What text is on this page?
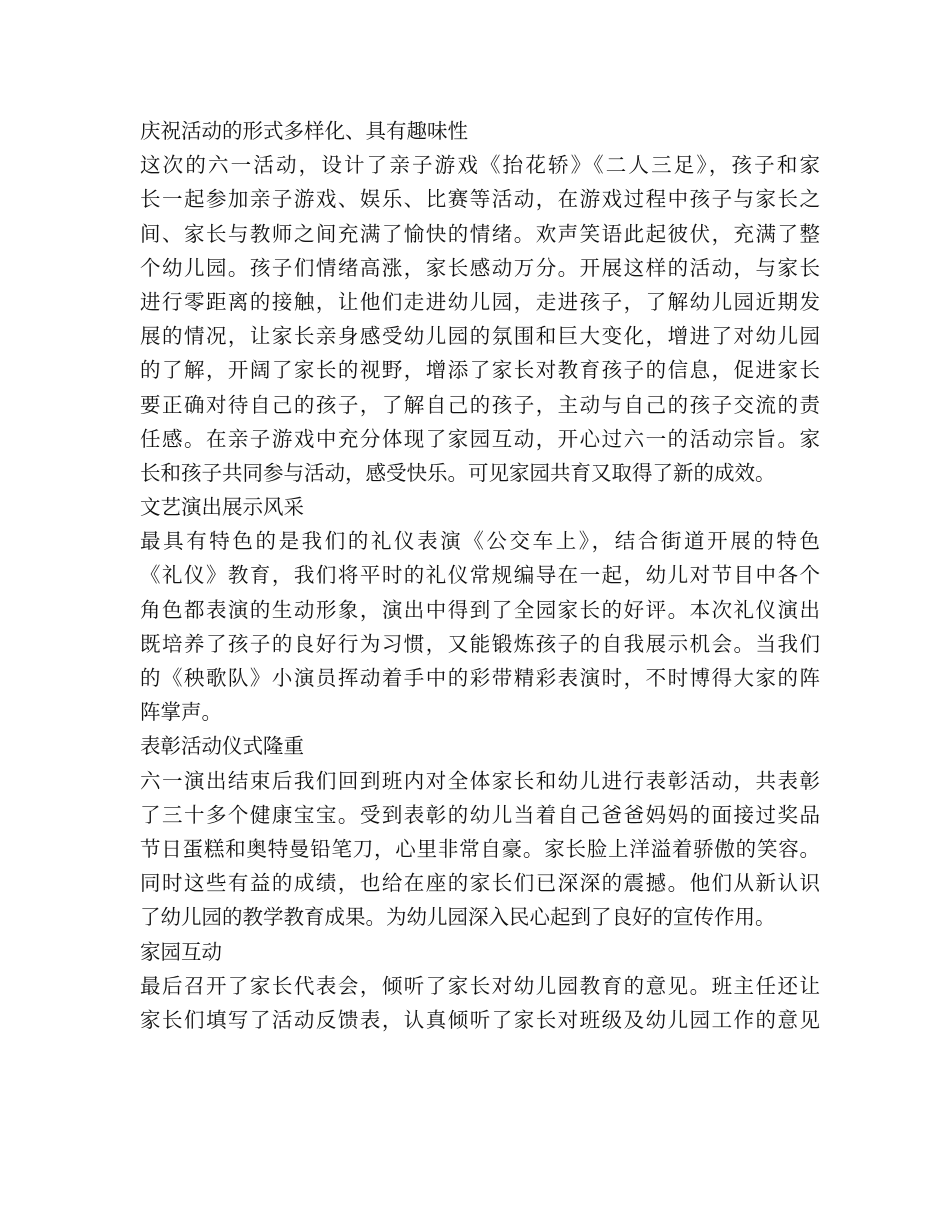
庆祝活动的形式多样化、具有趣味性
这次的六一活动，设计了亲子游戏《抬花轿》《二人三足》，孩子和家
长一起参加亲子游戏、娱乐、比赛等活动，在游戏过程中孩子与家长之
间、家长与教师之间充满了愉快的情绪。欢声笑语此起彼伏，充满了整
个幼儿园。孩子们情绪高涨，家长感动万分。开展这样的活动，与家长
进行零距离的接触，让他们走进幼儿园，走进孩子，了解幼儿园近期发
展的情况，让家长亲身感受幼儿园的氛围和巨大变化，增进了对幼儿园
的了解，开阔了家长的视野，增添了家长对教育孩子的信息，促进家长
要正确对待自己的孩子，了解自己的孩子，主动与自己的孩子交流的责
任感。在亲子游戏中充分体现了家园互动，开心过六一的活动宗旨。家
长和孩子共同参与活动，感受快乐。可见家园共育又取得了新的成效。
文艺演出展示风采
最具有特色的是我们的礼仪表演《公交车上》，结合街道开展的特色
《礼仪》教育，我们将平时的礼仪常规编导在一起，幼儿对节目中各个
角色都表演的生动形象，演出中得到了全园家长的好评。本次礼仪演出
既培养了孩子的良好行为习惯，又能锻炼孩子的自我展示机会。当我们
的《秧歌队》小演员挥动着手中的彩带精彩表演时，不时博得大家的阵
阵掌声。
表彰活动仪式隆重
六一演出结束后我们回到班内对全体家长和幼儿进行表彰活动，共表彰
了三十多个健康宝宝。受到表彰的幼儿当着自己爸爸妈妈的面接过奖品
节日蛋糕和奥特曼铅笔刀，心里非常自豪。家长脸上洋溢着骄傲的笑容。
同时这些有益的成绩，也给在座的家长们已深深的震撼。他们从新认识
了幼儿园的教学教育成果。为幼儿园深入民心起到了良好的宣传作用。
家园互动
最后召开了家长代表会，倾听了家长对幼儿园教育的意见。班主任还让
家长们填写了活动反馈表，认真倾听了家长对班级及幼儿园工作的意见
